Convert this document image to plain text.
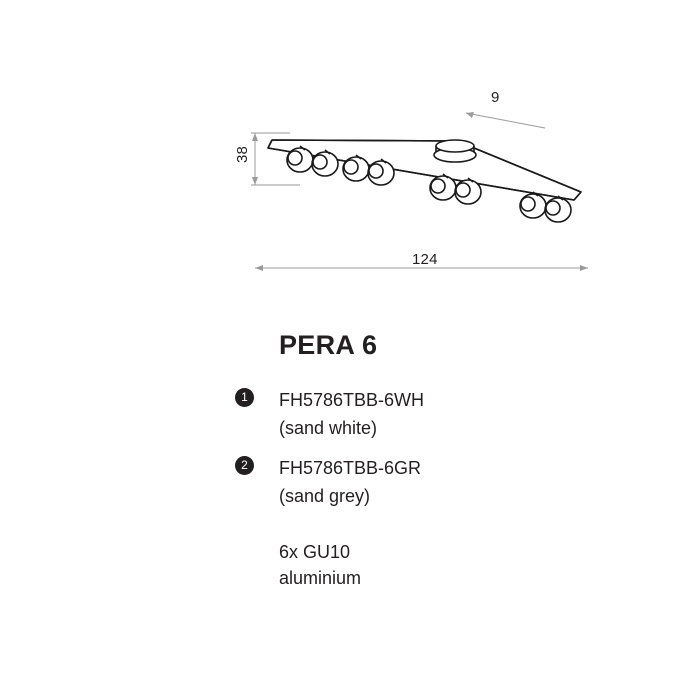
38
9
124
PERA 6
1	FH5786TBB-6WH
(sand white)
2	FH5786TBB-6GR
(sand grey)
6x GU10
aluminium
